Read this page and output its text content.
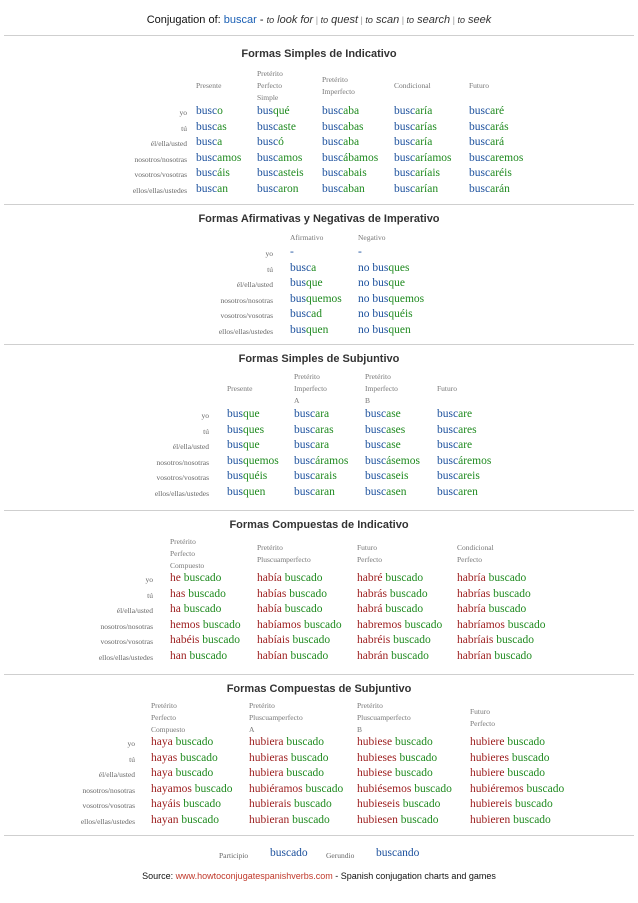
Conjugation of: buscar - to look for | to quest | to scan | to search | to seek
Formas Simples de Indicativo
Presente
Pretérito
Perfecto
Simple
Pretérito
Imperfecto
Condicional	Futuro
yo busco	busqué	buscaba	buscaría	buscaré
tú buscas	buscaste buscabas	buscarías	buscarás
él/ella/usted busca	buscó	buscaba	buscaría	buscará
nosotros/nosotras buscamos buscamos buscábamos buscaríamos buscaremos
vosotros/vosotras buscáis buscasteis buscabais buscaríais	buscaréis
ellos/ellas/ustedes buscan	buscaron buscaban	buscarían	buscarán
Formas Afirmativas y Negativas de Imperativo
Afirmativo	Negativo
yo -	-
tú busca	no busques
él/ella/usted busque	no busque
nosotros/nosotras busquemos no busquemos
vosotros/vosotras buscad	no busquéis
ellos/ellas/ustedes busquen	no busquen
Formas Simples de Subjuntivo
Presente
Pretérito
Imperfecto
A
Pretérito
Imperfecto
B
Futuro
yo busque	buscara	buscase	buscare
tú busques	buscaras	buscases	buscares
él/ella/usted busque	buscara	buscase	buscare
nosotros/nosotras busquemos buscáramos buscásemos buscáremos
vosotros/vosotras busquéis buscarais buscaseis buscareis
ellos/ellas/ustedes busquen buscaran	buscasen	buscaren
Formas Compuestas de Indicativo
Pretérito
Perfecto
Compuesto
Pretérito
Pluscuamperfecto
Futuro
Perfecto
Condicional
Perfecto
yo he buscado	había buscado	habré buscado	habría buscado
tú has buscado	habías buscado	habrás buscado	habrías buscado
él/ella/usted ha buscado	había buscado	habrá buscado	habría buscado
nosotros/nosotras hemos buscado habíamos buscado habremos buscado habríamos buscado
vosotros/vosotras habéis buscado habíais buscado habréis buscado habríais buscado
ellos/ellas/ustedes han buscado	habían buscado	habrán buscado habrían buscado
Formas Compuestas de Subjuntivo
Pretérito
Perfecto
Compuesto
Pretérito
Pluscuamperfecto
A
Pretérito
Pluscuamperfecto
B
Futuro
Perfecto
yo haya buscado	hubiera buscado	hubiese buscado	hubiere buscado
tú hayas buscado	hubieras buscado hubieses buscado	hubieres buscado
él/ella/usted haya buscado	hubiera buscado	hubiese buscado	hubiere buscado
nosotros/nosotras hayamos buscado hubiéramos buscado hubiésemos buscado hubiéremos buscado
vosotros/vosotras hayáis buscado hubierais buscado hubieseis buscado	hubiereis buscado
ellos/ellas/ustedes hayan buscado	hubieran buscado hubiesen buscado	hubieren buscado
Participio buscado Gerundio buscando
Source: www.howtoconjugatespanishverbs.com - Spanish conjugation charts and games
